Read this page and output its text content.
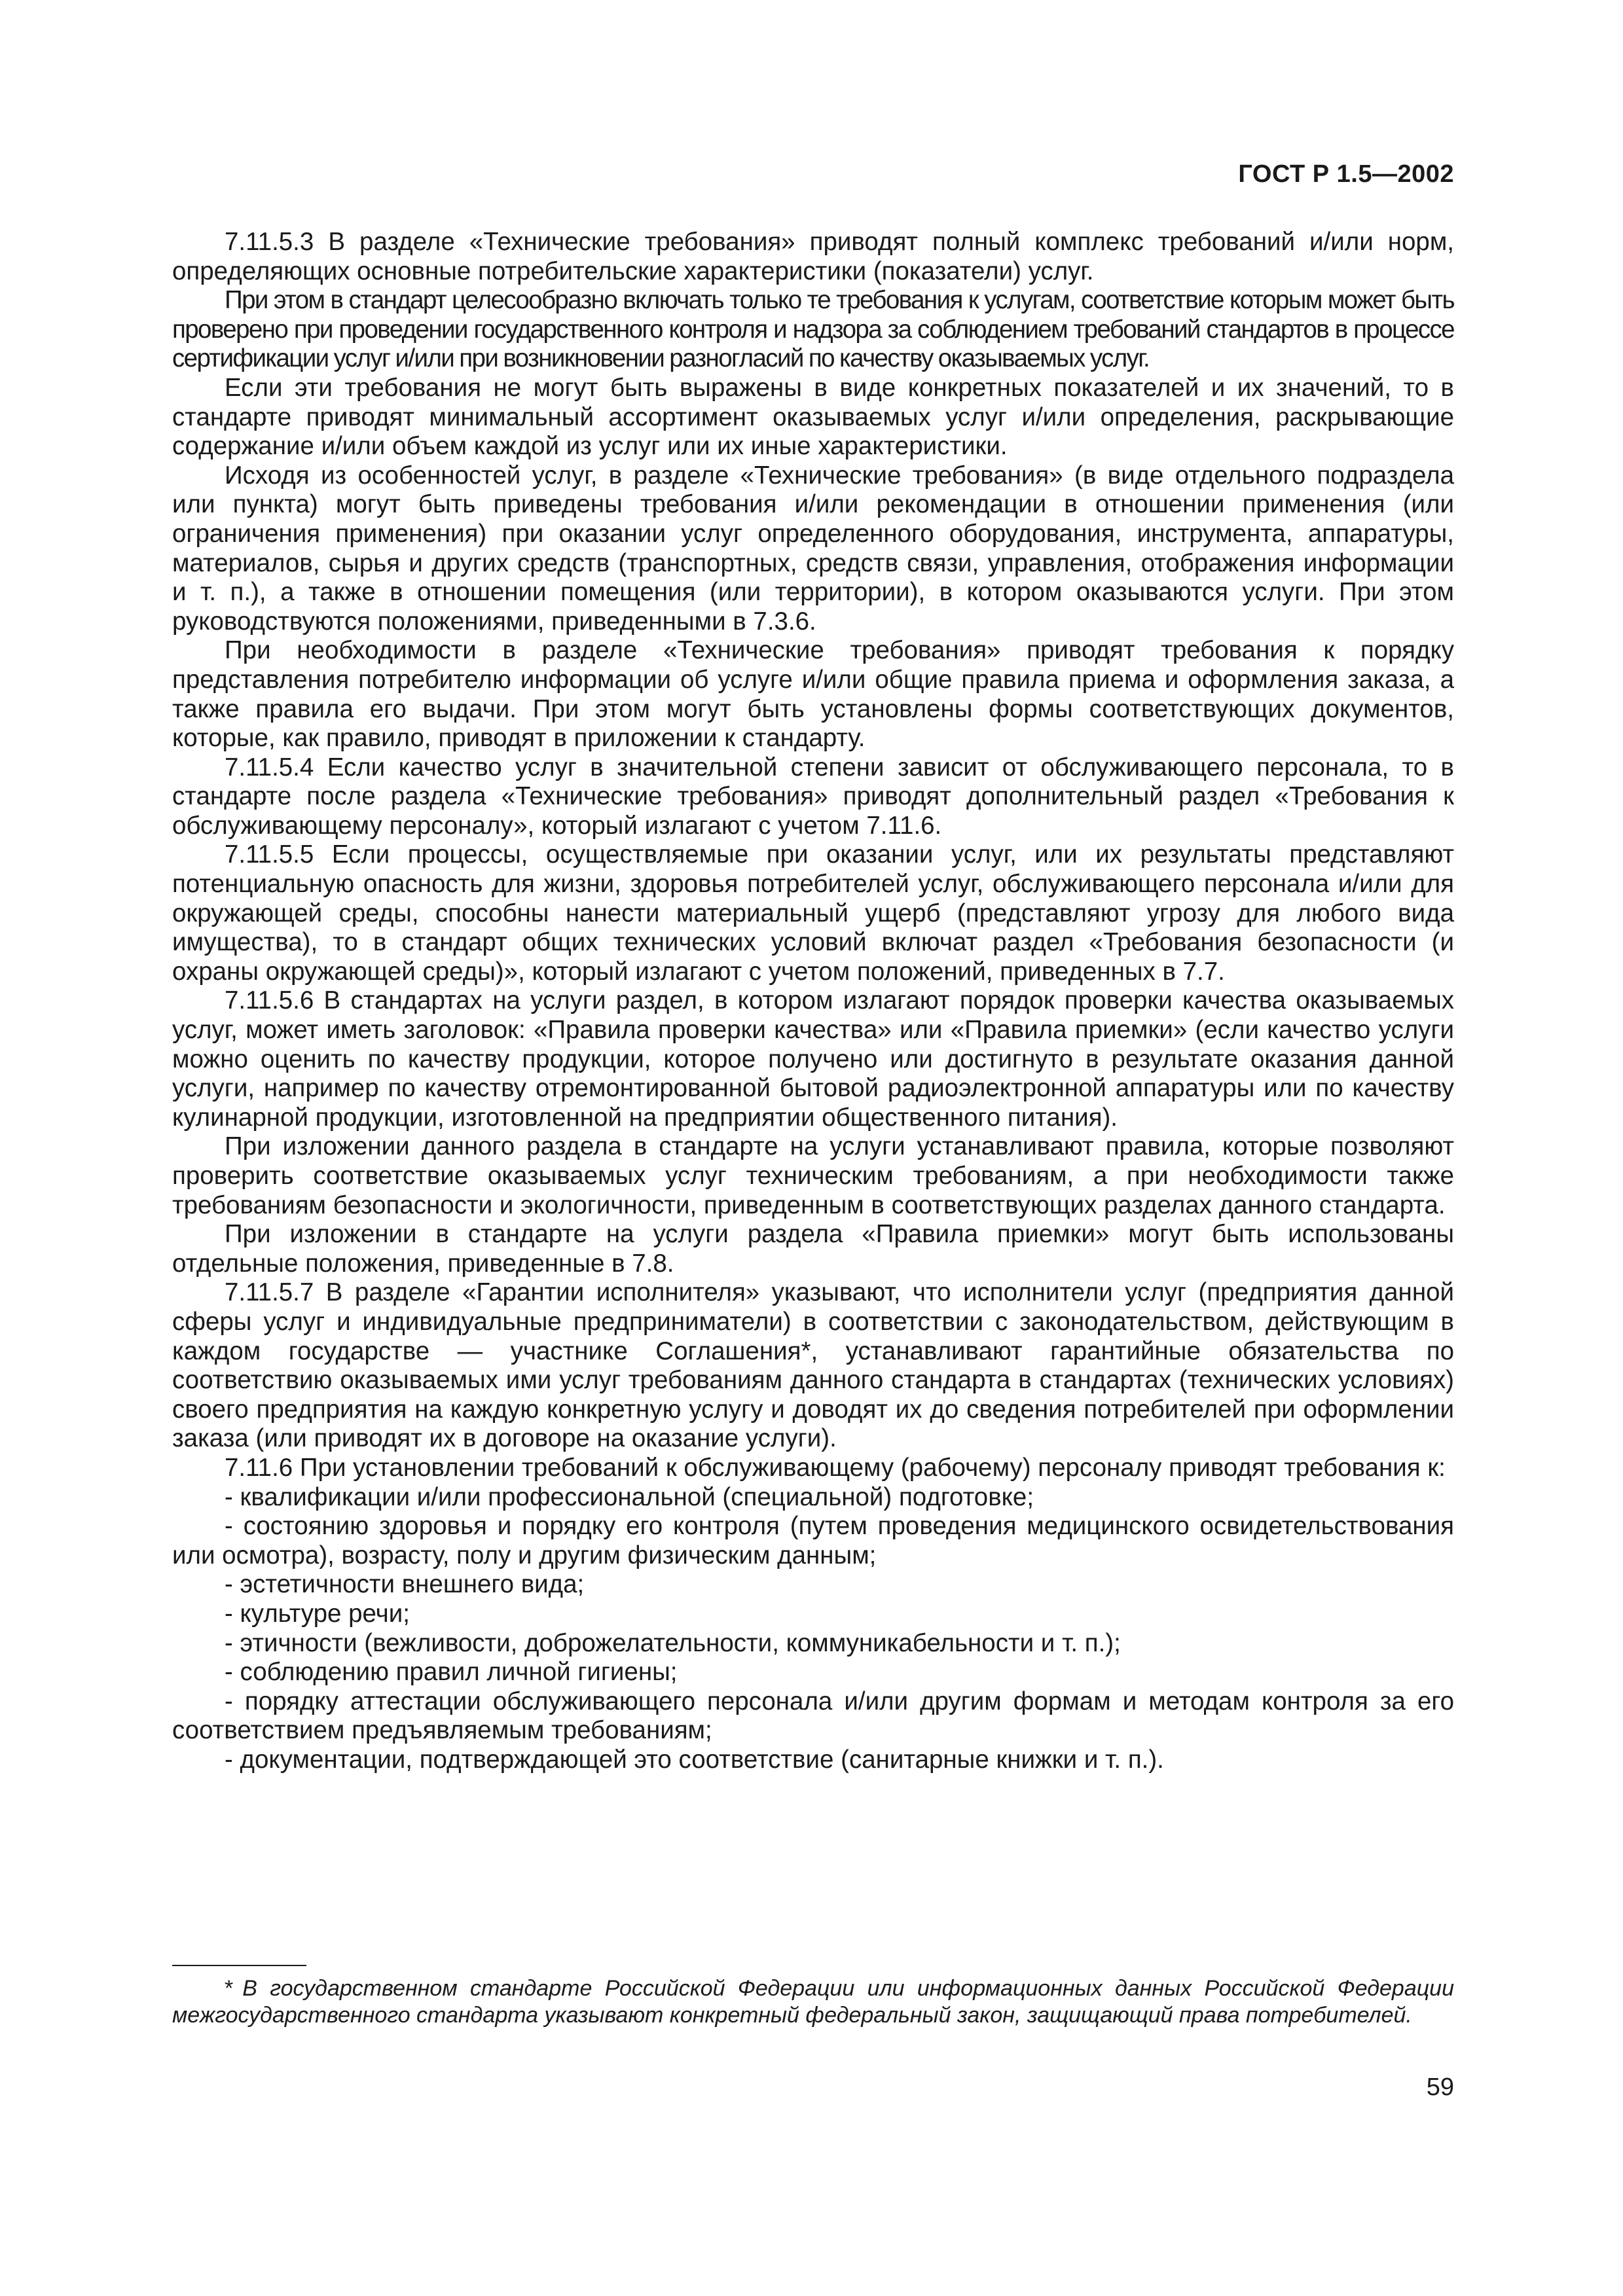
ГОСТ Р 1.5—2002

7.11.5.3 В разделе «Технические требования» приводят полный комплекс требований и/или норм, определяющих основные потребительские характеристики (показатели) услуг.

При этом в стандарт целесообразно включать только те требования к услугам, соответствие которым может быть проверено при проведении государственного контроля и надзора за соблюдением требований стандартов в процессе сертификации услуг и/или при возникновении разногласий по качеству оказываемых услуг.

Если эти требования не могут быть выражены в виде конкретных показателей и их значений, то в стандарте приводят минимальный ассортимент оказываемых услуг и/или определения, раскрывающие содержание и/или объем каждой из услуг или их иные характеристики.

Исходя из особенностей услуг, в разделе «Технические требования» (в виде отдельного подраздела или пункта) могут быть приведены требования и/или рекомендации в отношении применения (или ограничения применения) при оказании услуг определенного оборудования, инструмента, аппаратуры, материалов, сырья и других средств (транспортных, средств связи, управления, отображения информации и т. п.), а также в отношении помещения (или территории), в котором оказываются услуги. При этом руководствуются положениями, приведенными в 7.3.6.

При необходимости в разделе «Технические требования» приводят требования к порядку представления потребителю информации об услуге и/или общие правила приема и оформления заказа, а также правила его выдачи. При этом могут быть установлены формы соответствующих документов, которые, как правило, приводят в приложении к стандарту.

7.11.5.4 Если качество услуг в значительной степени зависит от обслуживающего персонала, то в стандарте после раздела «Технические требования» приводят дополнительный раздел «Требования к обслуживающему персоналу», который излагают с учетом 7.11.6.

7.11.5.5 Если процессы, осуществляемые при оказании услуг, или их результаты представляют потенциальную опасность для жизни, здоровья потребителей услуг, обслуживающего персонала и/или для окружающей среды, способны нанести материальный ущерб (представляют угрозу для любого вида имущества), то в стандарт общих технических условий включат раздел «Требования безопасности (и охраны окружающей среды)», который излагают с учетом положений, приведенных в 7.7.

7.11.5.6 В стандартах на услуги раздел, в котором излагают порядок проверки качества оказываемых услуг, может иметь заголовок: «Правила проверки качества» или «Правила приемки» (если качество услуги можно оценить по качеству продукции, которое получено или достигнуто в результате оказания данной услуги, например по качеству отремонтированной бытовой радиоэлектронной аппаратуры или по качеству кулинарной продукции, изготовленной на предприятии общественного питания).

При изложении данного раздела в стандарте на услуги устанавливают правила, которые позволяют проверить соответствие оказываемых услуг техническим требованиям, а при необходимости также требованиям безопасности и экологичности, приведенным в соответствующих разделах данного стандарта.

При изложении в стандарте на услуги раздела «Правила приемки» могут быть использованы отдельные положения, приведенные в 7.8.

7.11.5.7 В разделе «Гарантии исполнителя» указывают, что исполнители услуг (предприятия данной сферы услуг и индивидуальные предприниматели) в соответствии с законодательством, действующим в каждом государстве — участнике Соглашения*, устанавливают гарантийные обязательства по соответствию оказываемых ими услуг требованиям данного стандарта в стандартах (технических условиях) своего предприятия на каждую конкретную услугу и доводят их до сведения потребителей при оформлении заказа (или приводят их в договоре на оказание услуги).

7.11.6 При установлении требований к обслуживающему (рабочему) персоналу приводят требования к:

- квалификации и/или профессиональной (специальной) подготовке;

- состоянию здоровья и порядку его контроля (путем проведения медицинского освидетельствования или осмотра), возрасту, полу и другим физическим данным;

- эстетичности внешнего вида;

- культуре речи;

- этичности (вежливости, доброжелательности, коммуникабельности и т. п.);

- соблюдению правил личной гигиены;

- порядку аттестации обслуживающего персонала и/или другим формам и методам контроля за его соответствием предъявляемым требованиям;

- документации, подтверждающей это соответствие (санитарные книжки и т. п.).

* В государственном стандарте Российской Федерации или информационных данных Российской Федерации межгосударственного стандарта указывают конкретный федеральный закон, защищающий права потребителей.
59
